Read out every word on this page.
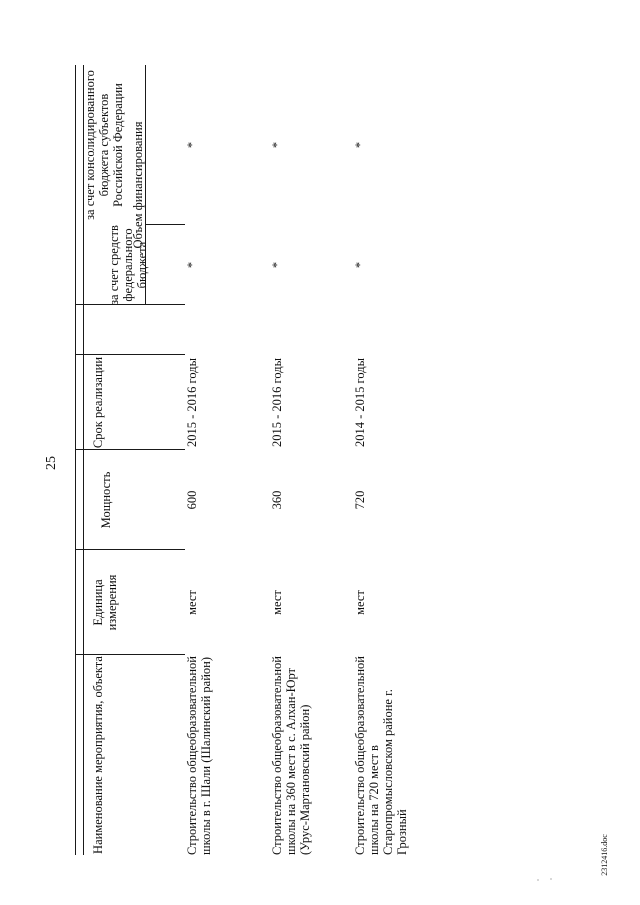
25
Наименование мероприятия, объекта
Единица измерения
Мощность
Срок реализации
Объем финансирования
за счет средств федерального бюджета
за счет консолидированного бюджета субъектов Российской Федерации
Строительство общеобразовательной школы в г. Шали (Шалинский район)
мест
600
2015 - 2016 годы
*
*
Строительство общеобразовательной школы на 360 мест в с. Алхан-Юрт (Урус-Мартановский район)
мест
360
2015 - 2016 годы
*
*
Строительство общеобразовательной школы на 720 мест в Старопромысловском районе г. Грозный
мест
720
2014 - 2015 годы
*
*
2312416.doc
